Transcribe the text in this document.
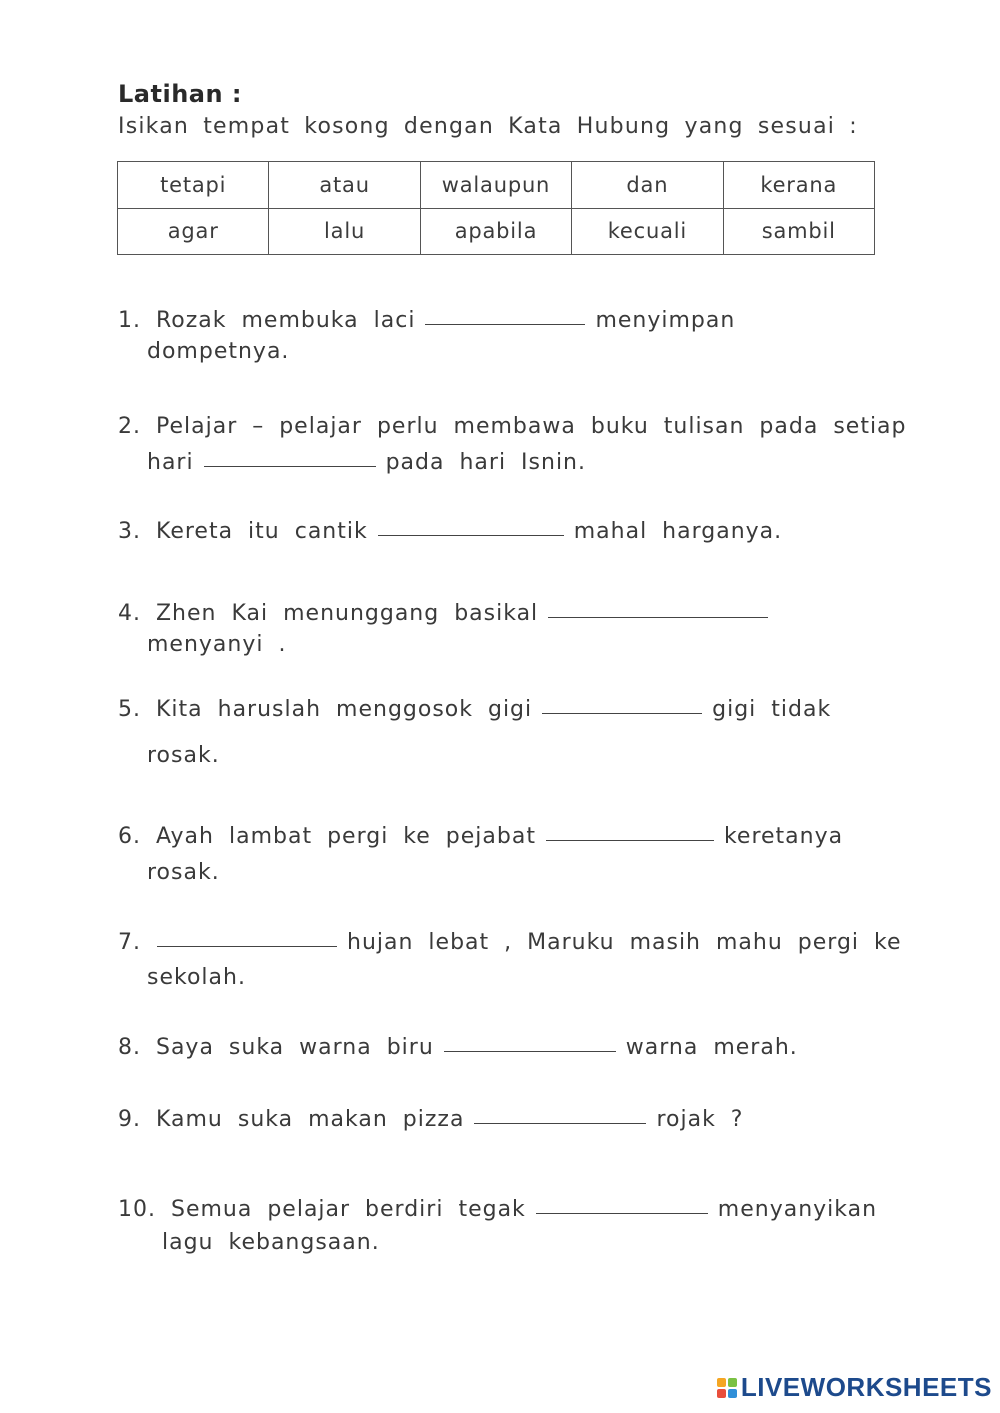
Latihan :

Isikan tempat kosong dengan Kata Hubung yang sesuai :

tetapi	atau	walaupun	dan	kerana
agar	lalu	apabila	kecuali	sambil

1. Rozak membuka laci	menyimpan

dompetnya.

2. Pelajar – pelajar perlu membawa buku tulisan pada setiap

hari	pada hari Isnin.

3. Kereta itu cantik	mahal harganya.

4. Zhen Kai menunggang basikal

menyanyi .

5. Kita haruslah menggosok gigi	gigi tidak

rosak.

6. Ayah lambat pergi ke pejabat	keretanya

rosak.

7.	hujan lebat , Maruku masih mahu pergi ke

sekolah.

8. Saya suka warna biru	warna merah.

9. Kamu suka makan pizza	rojak ?

10. Semua pelajar berdiri tegak	menyanyikan

lagu kebangsaan.

LIVEWORKSHEETS
